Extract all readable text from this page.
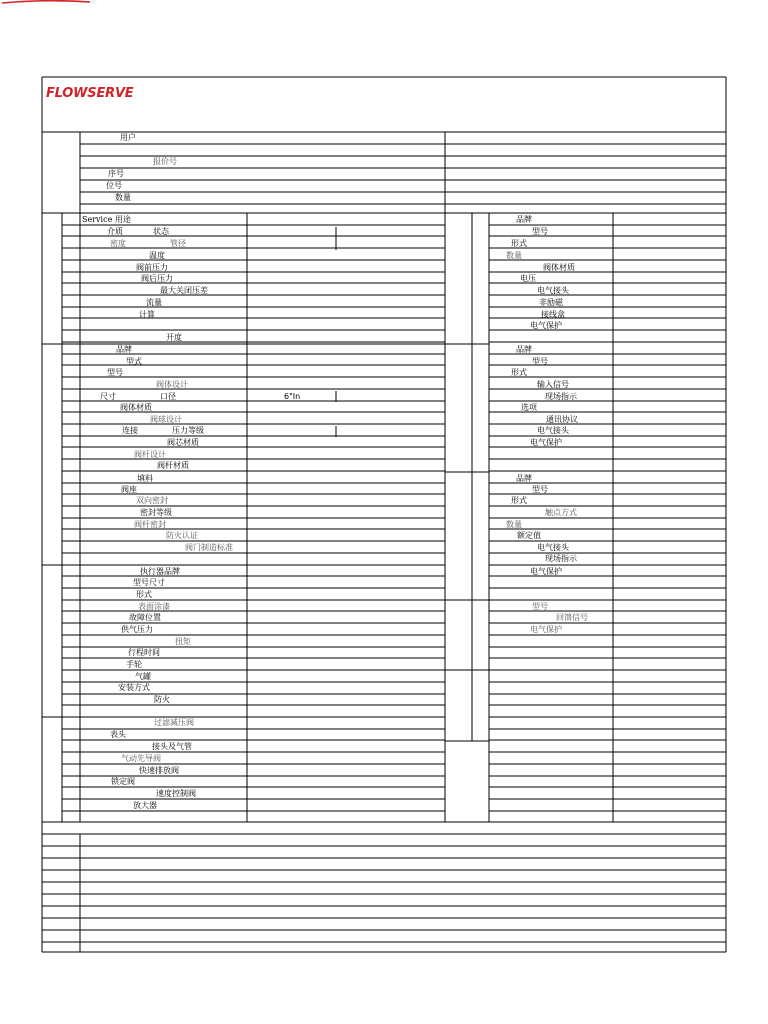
FLOWSERVE
用户
报价号
序号
位号
数量
Service 用途
介质	状态
密度	管径
温度
阀前压力
阀后压力
最大关闭压差
流量
计算
开度
品牌
型式
型号
阀体设计
尺寸	口径	6"In
阀体材质
阀球设计
连接	压力等级
阀芯材质
阀杆设计
阀杆材质
填料
阀座
双向密封
密封等级
阀杆密封
防火认证
阀门制造标准
执行器品牌
型号尺寸
形式
表面涂漆
故障位置
供气压力
扭矩
行程时间
手轮
气罐
安装方式
防火
过滤减压阀
表头
接头及气管
气动先导阀
快速排放阀
锁定阀
速度控制阀
放大器
品牌
型号
形式
数量
阀体材质
电压
电气接头
非励磁
接线盒
电气保护
品牌
型号
形式
输入信号
现场指示
选项
通讯协议
电气接头
电气保护
品牌
型号
形式
触点方式
数量
额定值
电气接头
现场指示
电气保护
型号
回馈信号
电气保护
